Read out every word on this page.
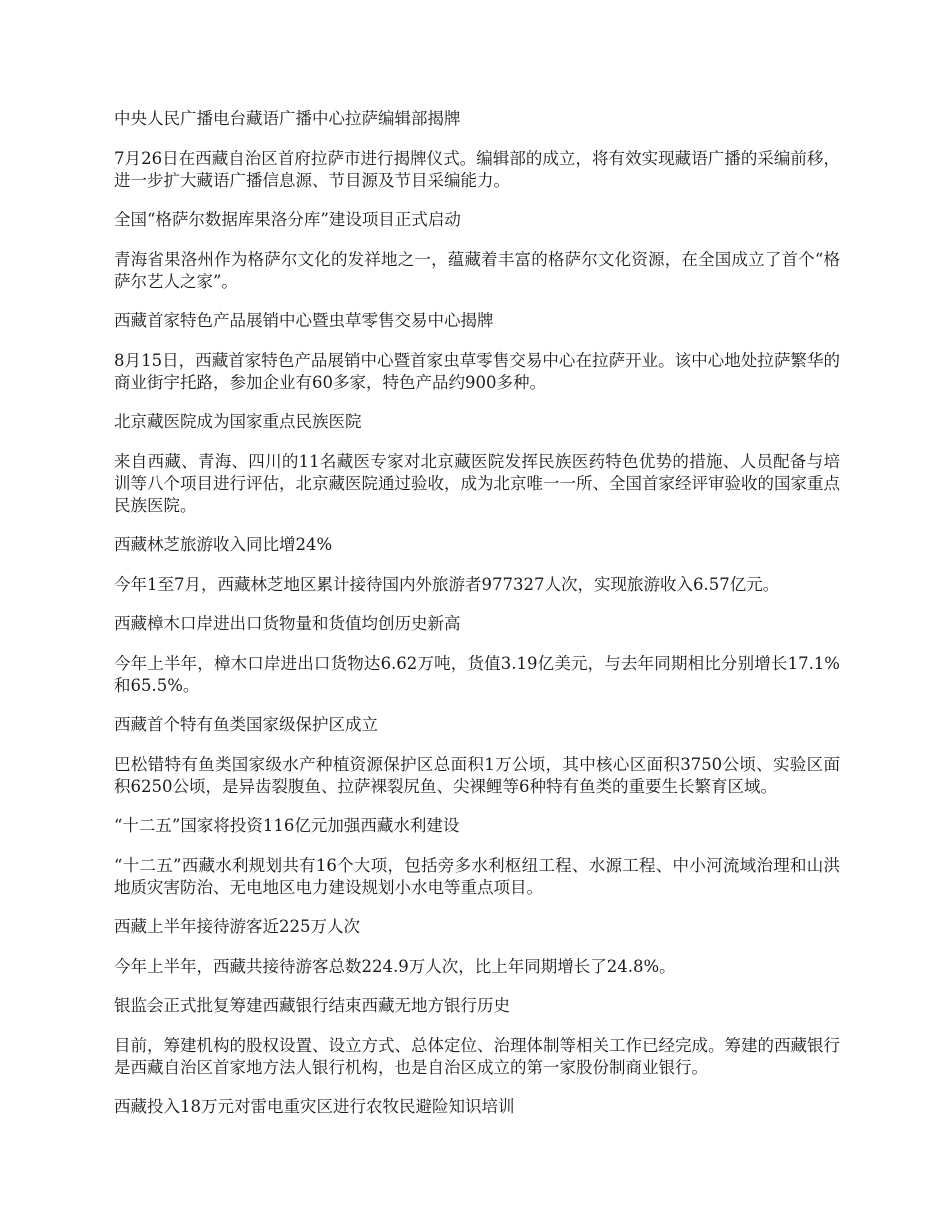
中央人民广播电台藏语广播中心拉萨编辑部揭牌

7月26日在西藏自治区首府拉萨市进行揭牌仪式。编辑部的成立，将有效实现藏语广播的采编前移，进一步扩大藏语广播信息源、节目源及节目采编能力。

全国“格萨尔数据库果洛分库”建设项目正式启动

青海省果洛州作为格萨尔文化的发祥地之一，蕴藏着丰富的格萨尔文化资源，在全国成立了首个“格萨尔艺人之家”。

西藏首家特色产品展销中心暨虫草零售交易中心揭牌

8月15日，西藏首家特色产品展销中心暨首家虫草零售交易中心在拉萨开业。该中心地处拉萨繁华的商业街宇托路，参加企业有60多家，特色产品约900多种。

北京藏医院成为国家重点民族医院

来自西藏、青海、四川的11名藏医专家对北京藏医院发挥民族医药特色优势的措施、人员配备与培训等八个项目进行评估，北京藏医院通过验收，成为北京唯一一所、全国首家经评审验收的国家重点民族医院。

西藏林芝旅游收入同比增24%

今年1至7月，西藏林芝地区累计接待国内外旅游者977327人次，实现旅游收入6.57亿元。

西藏樟木口岸进出口货物量和货值均创历史新高

今年上半年，樟木口岸进出口货物达6.62万吨，货值3.19亿美元，与去年同期相比分别增长17.1%和65.5%。

西藏首个特有鱼类国家级保护区成立

巴松错特有鱼类国家级水产种植资源保护区总面积1万公顷，其中核心区面积3750公顷、实验区面积6250公顷，是异齿裂腹鱼、拉萨裸裂尻鱼、尖裸鲤等6种特有鱼类的重要生长繁育区域。

“十二五”国家将投资116亿元加强西藏水利建设

“十二五”西藏水利规划共有16个大项，包括旁多水利枢纽工程、水源工程、中小河流域治理和山洪地质灾害防治、无电地区电力建设规划小水电等重点项目。

西藏上半年接待游客近225万人次

今年上半年，西藏共接待游客总数224.9万人次，比上年同期增长了24.8%。

银监会正式批复筹建西藏银行结束西藏无地方银行历史

目前，筹建机构的股权设置、设立方式、总体定位、治理体制等相关工作已经完成。筹建的西藏银行是西藏自治区首家地方法人银行机构，也是自治区成立的第一家股份制商业银行。

西藏投入18万元对雷电重灾区进行农牧民避险知识培训
